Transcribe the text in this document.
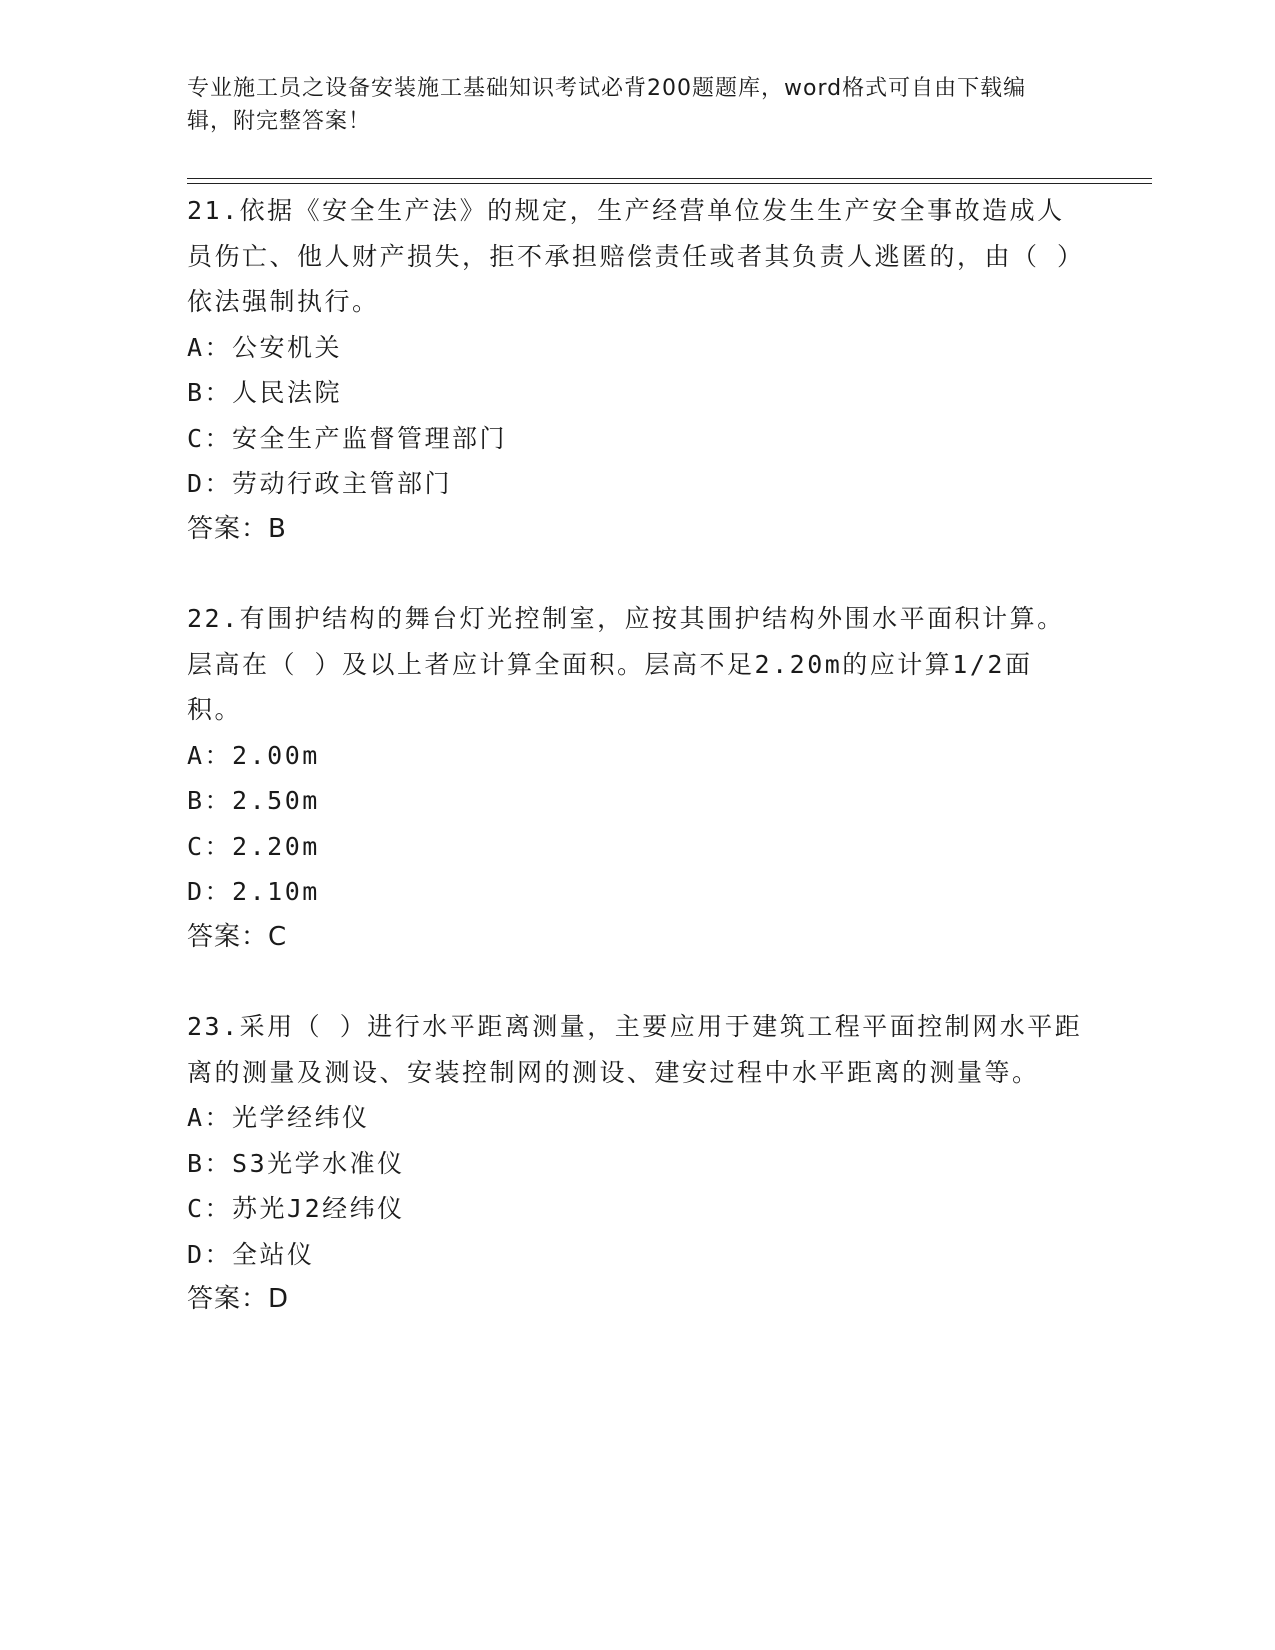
专业施工员之设备安装施工基础知识考试必背200题题库，word格式可自由下载编辑，附完整答案！
21.依据《安全生产法》的规定，生产经营单位发生生产安全事故造成人员伤亡、他人财产损失，拒不承担赔偿责任或者其负责人逃匿的，由（ ）依法强制执行。
A：公安机关
B：人民法院
C：安全生产监督管理部门
D：劳动行政主管部门
答案：B
22.有围护结构的舞台灯光控制室，应按其围护结构外围水平面积计算。层高在（ ）及以上者应计算全面积。层高不足2.20m的应计算1/2面积。
A：2.00m
B：2.50m
C：2.20m
D：2.10m
答案：C
23.采用（ ）进行水平距离测量，主要应用于建筑工程平面控制网水平距离的测量及测设、安装控制网的测设、建安过程中水平距离的测量等。
A：光学经纬仪
B：S3光学水准仪
C：苏光J2经纬仪
D：全站仪
答案：D
